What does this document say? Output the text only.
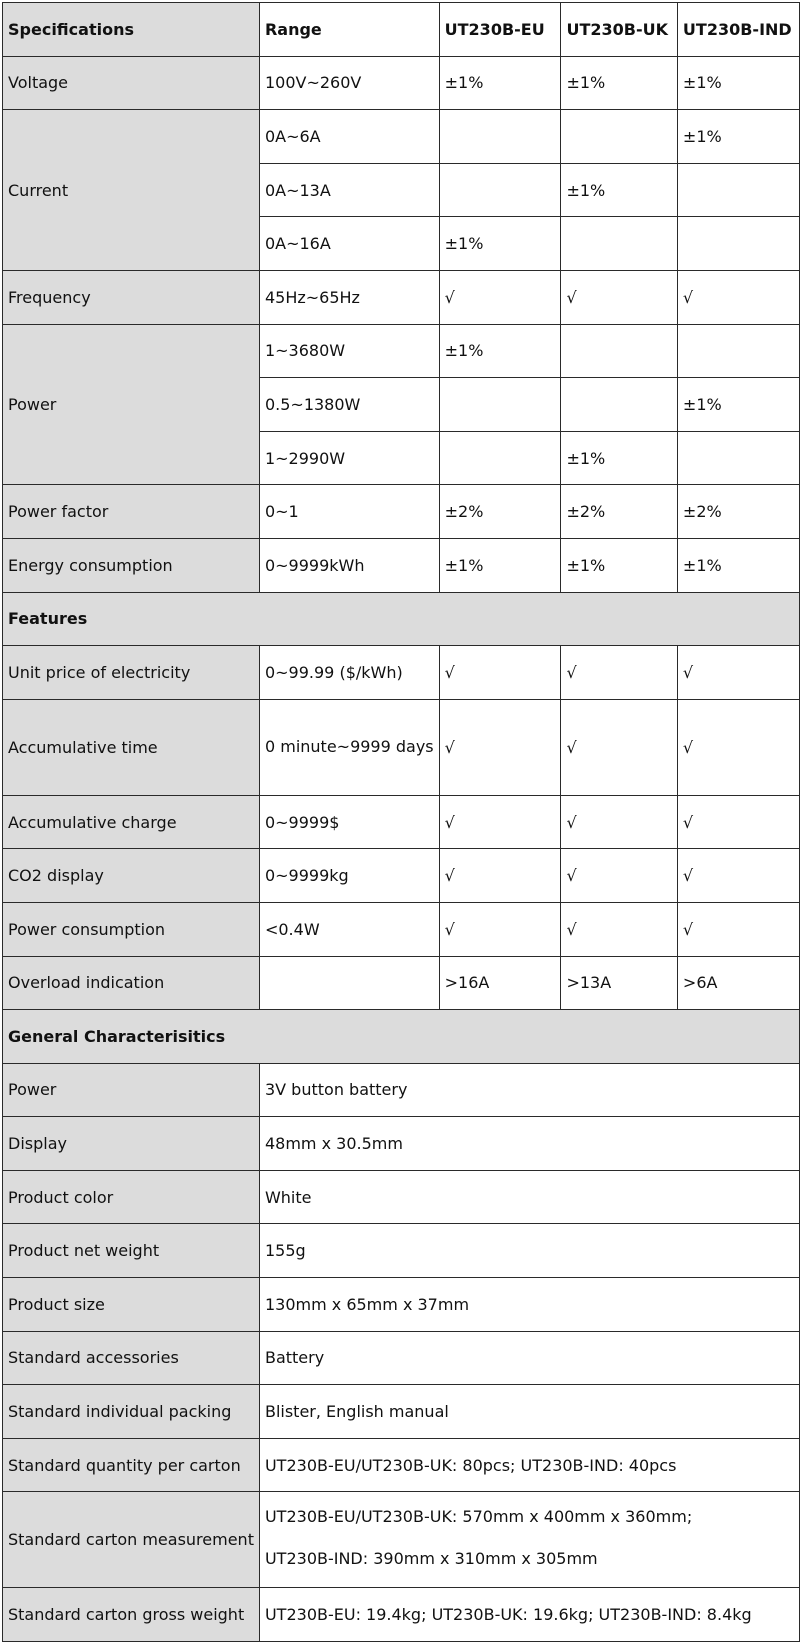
Specifications	Range	UT230B-EU	UT230B-UK	UT230B-IND
Voltage	100V~260V	±1%	±1%	±1%
Current	0A~6A			±1%
	0A~13A		±1%	
	0A~16A	±1%		
Frequency	45Hz~65Hz	√	√	√
Power	1~3680W	±1%		
	0.5~1380W			±1%
	1~2990W		±1%	
Power factor	0~1	±2%	±2%	±2%
Energy consumption	0~9999kWh	±1%	±1%	±1%
Features				
Unit price of electricity	0~99.99 ($/kWh)	√	√	√
Accumulative time	0 minute~9999 days	√	√	√
Accumulative charge	0~9999$	√	√	√
CO2 display	0~9999kg	√	√	√
Power consumption	<0.4W	√	√	√
Overload indication		>16A	>13A	>6A
General Characterisitics				
Power	3V button battery			
Display	48mm x 30.5mm			
Product color	White			
Product net weight	155g			
Product size	130mm x 65mm x 37mm			
Standard accessories	Battery			
Standard individual packing	Blister, English manual			
Standard quantity per carton	UT230B-EU/UT230B-UK: 80pcs; UT230B-IND: 40pcs			
Standard carton measurement	UT230B-EU/UT230B-UK: 570mm x 400mm x 360mm;
UT230B-IND: 390mm x 310mm x 305mm			

Standard carton gross weight	UT230B-EU: 19.4kg; UT230B-UK: 19.6kg; UT230B-IND: 8.4kg			
